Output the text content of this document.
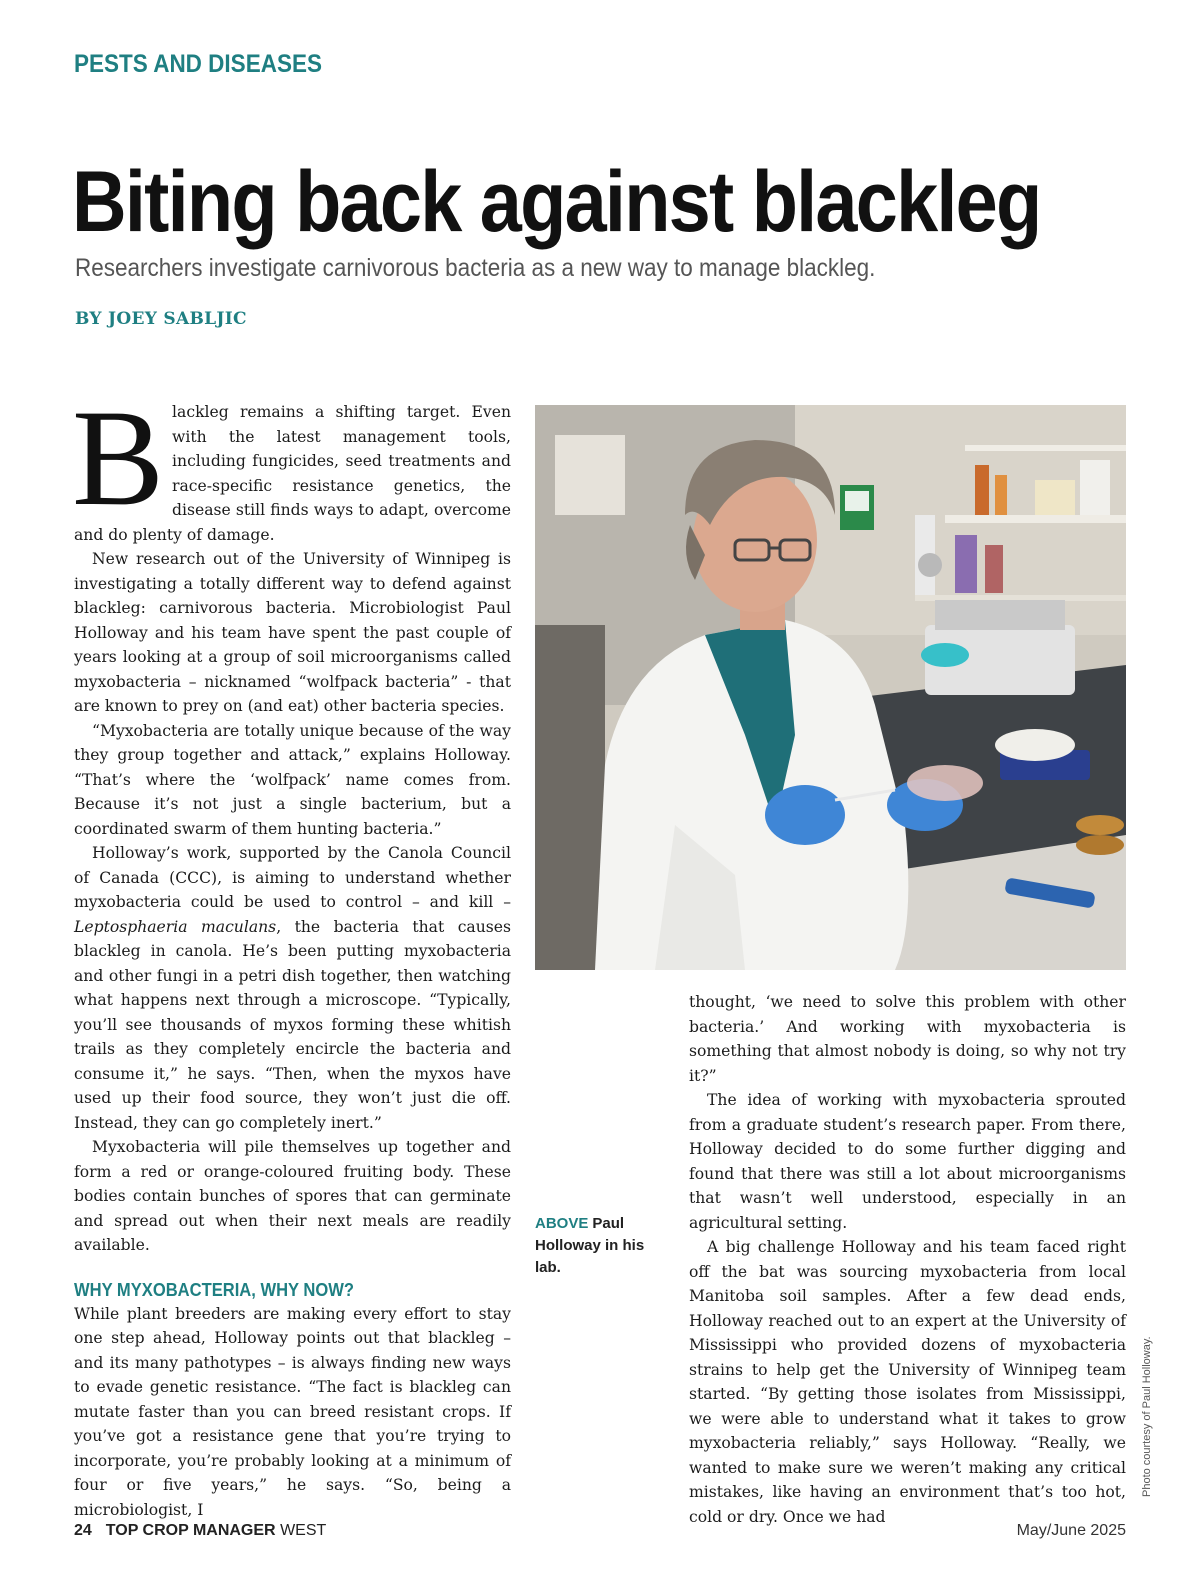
PESTS AND DISEASES
Biting back against blackleg
Researchers investigate carnivorous bacteria as a new way to manage blackleg.
BY JOEY SABLJIC

Blackleg remains a shifting target. Even with the latest management tools, including fungicides, seed treatments and race-specific resistance genetics, the disease still finds ways to adapt, overcome and do plenty of damage.

New research out of the University of Winnipeg is investigating a totally different way to defend against blackleg: carnivorous bacteria. Microbiologist Paul Holloway and his team have spent the past couple of years looking at a group of soil microorganisms called myxobacteria – nicknamed “wolfpack bacteria” - that are known to prey on (and eat) other bacteria species.

“Myxobacteria are totally unique because of the way they group together and attack,” explains Holloway. “That’s where the ‘wolfpack’ name comes from. Because it’s not just a single bacterium, but a coordinated swarm of them hunting bacteria.”

Holloway’s work, supported by the Canola Council of Canada (CCC), is aiming to understand whether myxobacteria could be used to control – and kill – Leptosphaeria maculans, the bacteria that causes blackleg in canola. He’s been putting myxobacteria and other fungi in a petri dish together, then watching what happens next through a microscope. “Typically, you’ll see thousands of myxos forming these whitish trails as they completely encircle the bacteria and consume it,” he says. “Then, when the myxos have used up their food source, they won’t just die off. Instead, they can go completely inert.”

Myxobacteria will pile themselves up together and form a red or orange-coloured fruiting body. These bodies contain bunches of spores that can germinate and spread out when their next meals are readily available.

WHY MYXOBACTERIA, WHY NOW?

While plant breeders are making every effort to stay one step ahead, Holloway points out that blackleg – and its many pathotypes – is always finding new ways to evade genetic resistance. “The fact is blackleg can mutate faster than you can breed resistant crops. If you’ve got a resistance gene that you’re trying to incorporate, you’re probably looking at a minimum of four or five years,” he says. “So, being a microbiologist, I

ABOVE Paul Holloway in his lab.

thought, ‘we need to solve this problem with other bacteria.’ And working with myxobacteria is something that almost nobody is doing, so why not try it?”

The idea of working with myxobacteria sprouted from a graduate student’s research paper. From there, Holloway decided to do some further digging and found that there was still a lot about microorganisms that wasn’t well understood, especially in an agricultural setting.

A big challenge Holloway and his team faced right off the bat was sourcing myxobacteria from local Manitoba soil samples. After a few dead ends, Holloway reached out to an expert at the University of Mississippi who provided dozens of myxobacteria strains to help get the University of Winnipeg team started. “By getting those isolates from Mississippi, we were able to understand what it takes to grow myxobacteria reliably,” says Holloway. “Really, we wanted to make sure we weren’t making any critical mistakes, like having an environment that’s too hot, cold or dry. Once we had

Photo courtesy of Paul Holloway.
24 TOP CROP MANAGER WEST	May/June 2025
